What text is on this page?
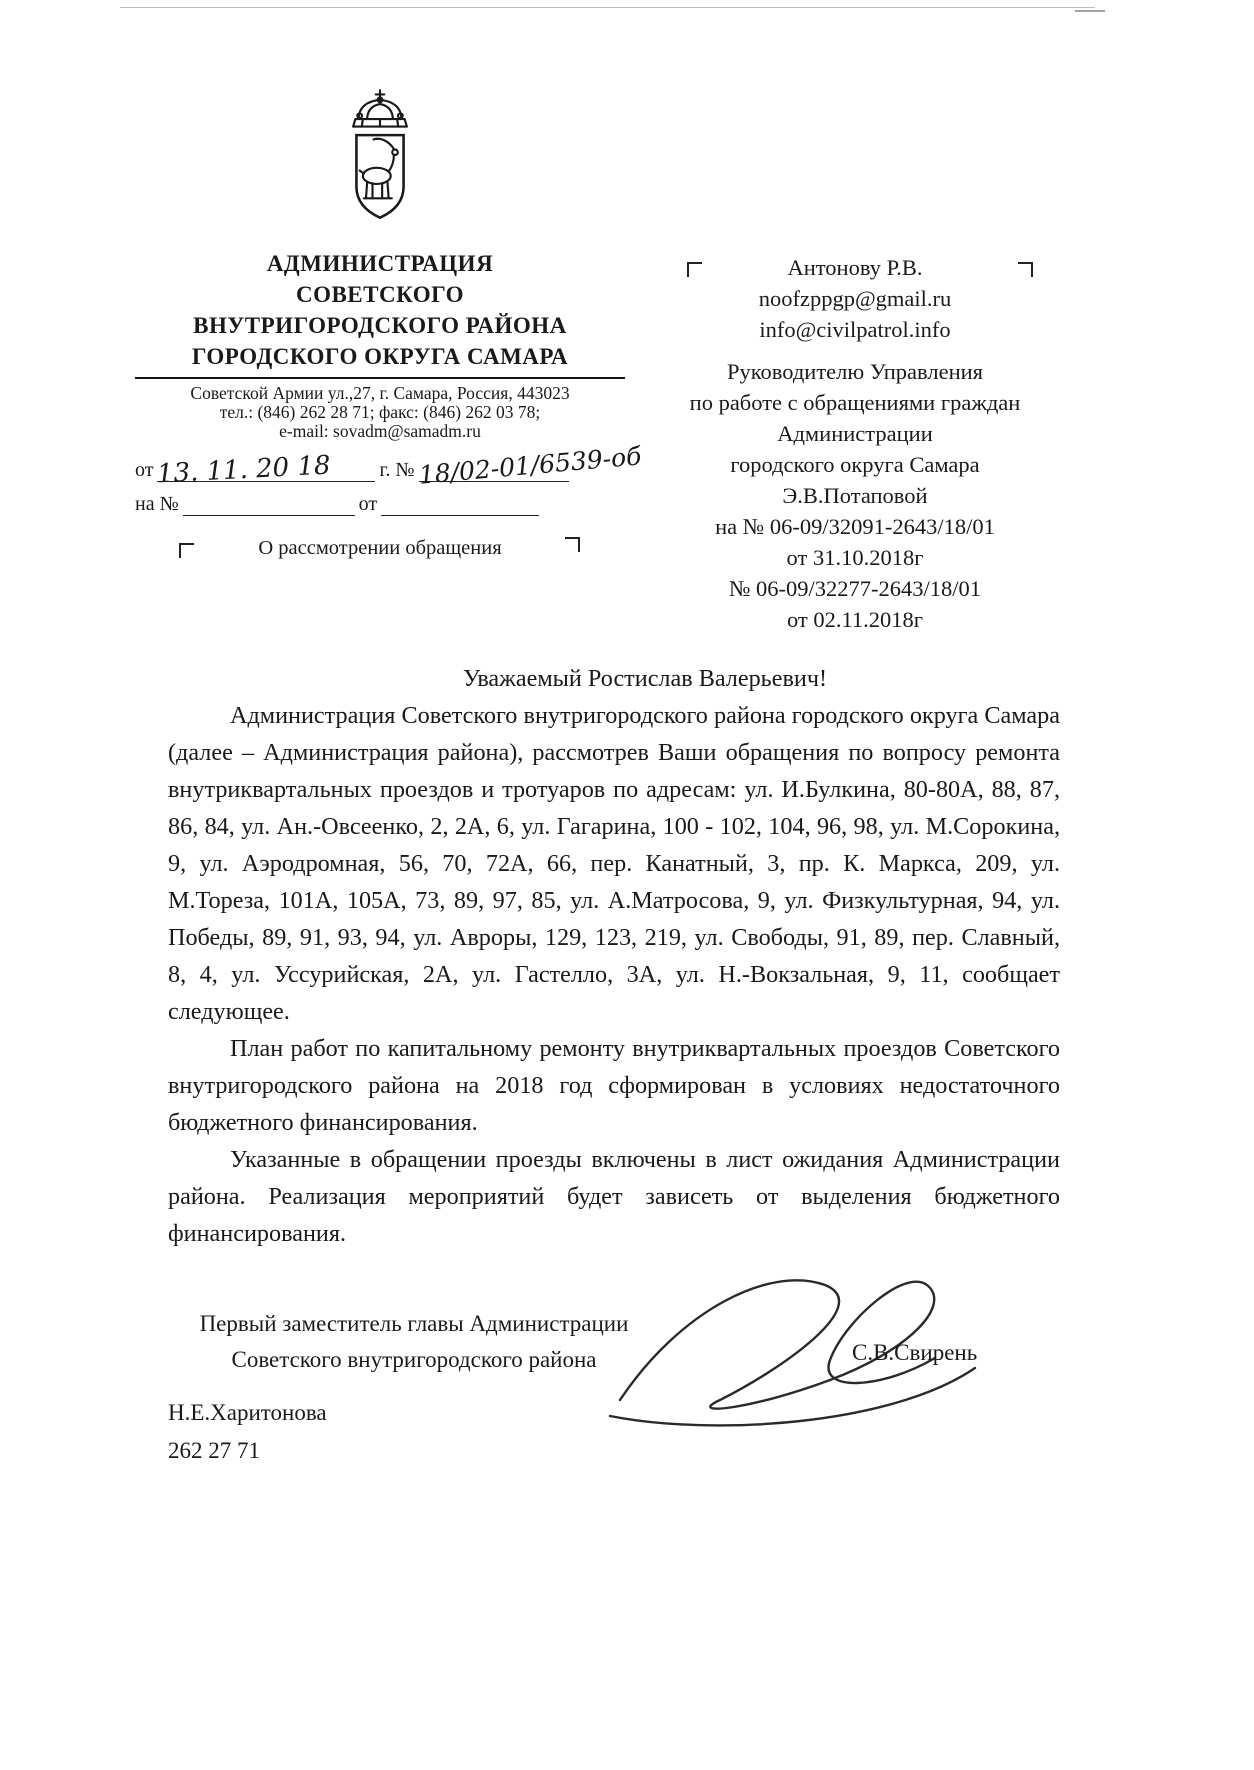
АДМИНИСТРАЦИЯ
СОВЕТСКОГО
ВНУТРИГОРОДСКОГО РАЙОНА
ГОРОДСКОГО ОКРУГА САМАРА
Советской Армии ул.,27, г. Самара, Россия, 443023
тел.: (846) 262 28 71; факс: (846) 262 03 78;
e-mail: sovadm@samadm.ru
от 13. 11. 20 18 г. № 18/02-01/6539-об
на №	от
О рассмотрении обращения
Антонову Р.В.
noofzppgp@gmail.ru
info@civilpatrol.info
Руководителю Управления
по работе с обращениями граждан
Администрации
городского округа Самара
Э.В.Потаповой
на № 06-09/32091-2643/18/01
от 31.10.2018г
№ 06-09/32277-2643/18/01
от 02.11.2018г

Уважаемый Ростислав Валерьевич!

Администрация Советского внутригородского района городского округа Самара (далее – Администрация района), рассмотрев Ваши обращения по вопросу ремонта внутриквартальных проездов и тротуаров по адресам: ул. И.Булкина, 80-80А, 88, 87, 86, 84, ул. Ан.-Овсеенко, 2, 2А, 6, ул. Гагарина, 100 - 102, 104, 96, 98, ул. М.Сорокина, 9, ул. Аэродромная, 56, 70, 72А, 66, пер. Канатный, 3, пр. К. Маркса, 209, ул. М.Тореза, 101А, 105А, 73, 89, 97, 85, ул. А.Матросова, 9, ул. Физкультурная, 94, ул. Победы, 89, 91, 93, 94, ул. Авроры, 129, 123, 219, ул. Свободы, 91, 89, пер. Славный, 8, 4, ул. Уссурийская, 2А, ул. Гастелло, 3А, ул. Н.-Вокзальная, 9, 11, сообщает следующее.

План работ по капитальному ремонту внутриквартальных проездов Советского внутригородского района на 2018 год сформирован в условиях недостаточного бюджетного финансирования.

Указанные в обращении проезды включены в лист ожидания Администрации района. Реализация мероприятий будет зависеть от выделения бюджетного финансирования.

Первый заместитель главы Администрации
Советского внутригородского района	С.В.Свирень
Н.Е.Харитонова
262 27 71
